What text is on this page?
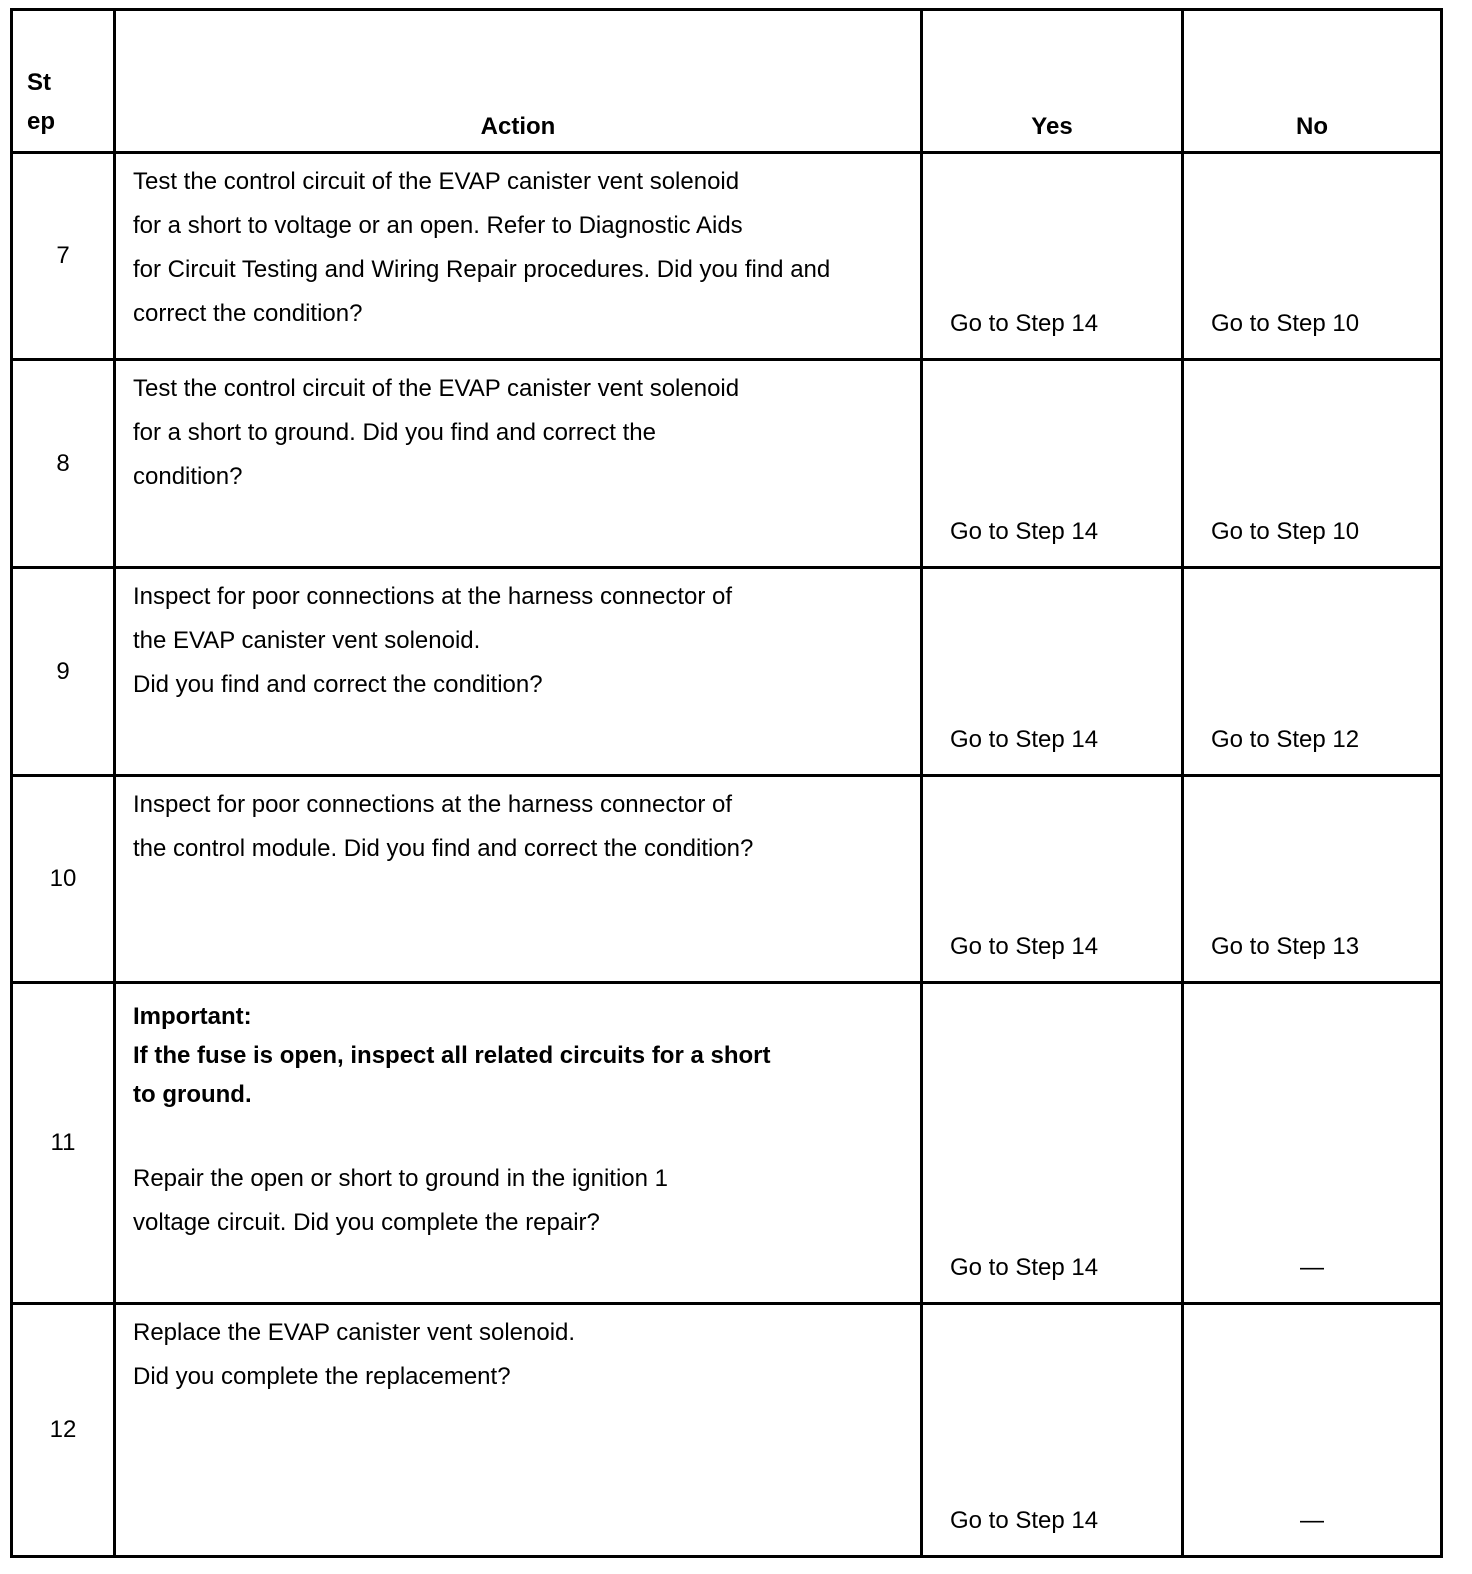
St
ep	Action	Yes	No

7	Test the control circuit of the EVAP canister vent solenoid
for a short to voltage or an open. Refer to Diagnostic Aids
for Circuit Testing and Wiring Repair procedures. Did you find and
correct the condition?	Go to Step 14	Go to Step 10

8	Test the control circuit of the EVAP canister vent solenoid
for a short to ground. Did you find and correct the
condition?	Go to Step 14	Go to Step 10

9	Inspect for poor connections at the harness connector of
the EVAP canister vent solenoid.
Did you find and correct the condition?	Go to Step 14	Go to Step 12

10	Inspect for poor connections at the harness connector of
the control module. Did you find and correct the condition?	Go to Step 14	Go to Step 13

11	Important:
If the fuse is open, inspect all related circuits for a short
to ground.
Repair the open or short to ground in the ignition 1
voltage circuit. Did you complete the repair?	Go to Step 14	—

12	Replace the EVAP canister vent solenoid.
Did you complete the replacement?	Go to Step 14	—
